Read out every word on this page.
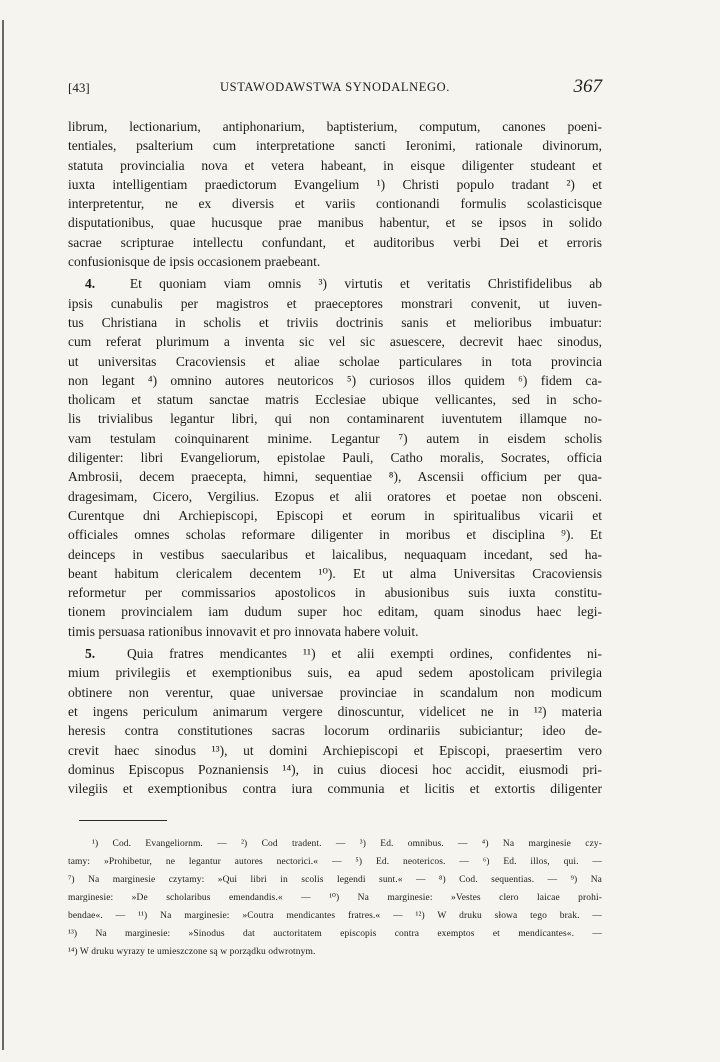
[43]	USTAWODAWSTWA SYNODALNEGO.	367

librum, lectionarium, antiphonarium, baptisterium, computum, canones poeni-
tentiales, psalterium cum interpretatione sancti Ieronimi, rationale divinorum,
statuta provincialia nova et vetera habeant, in eisque diligenter studeant et
iuxta intelligentiam praedictorum Evangelium ¹) Christi populo tradant ²) et
interpretentur, ne ex diversis et variis contionandi formulis scolasticisque
disputationibus, quae hucusque prae manibus habentur, et se ipsos in solido
sacrae scripturae intellectu confundant, et auditoribus verbi Dei et erroris
confusionisque de ipsis occasionem praebeant.

4.	Et quoniam viam omnis ³) virtutis et veritatis Christifidelibus ab
ipsis cunabulis per magistros et praeceptores monstrari convenit, ut iuven-
tus Christiana in scholis et triviis doctrinis sanis et melioribus imbuatur:
cum referat plurimum a inventa sic vel sic asuescere, decrevit haec sinodus,
ut universitas Cracoviensis et aliae scholae particulares in tota provincia
non legant ⁴) omnino autores neutoricos ⁵) curiosos illos quidem ⁶) fidem ca-
tholicam et statum sanctae matris Ecclesiae ubique vellicantes, sed in scho-
lis trivialibus legantur libri, qui non contaminarent iuventutem illamque no-
vam testulam coinquinarent minime. Legantur ⁷) autem in eisdem scholis
diligenter: libri Evangeliorum, epistolae Pauli, Catho moralis, Socrates, officia
Ambrosii, decem praecepta, himni, sequentiae ⁸), Ascensii officium per qua-
dragesimam, Cicero, Vergilius. Ezopus et alii oratores et poetae non obsceni.
Curentque dni Archiepiscopi, Episcopi et eorum in spiritualibus vicarii et
officiales omnes scholas reformare diligenter in moribus et disciplina ⁹). Et
deinceps in vestibus saecularibus et laicalibus, nequaquam incedant, sed ha-
beant habitum clericalem decentem ¹⁰). Et ut alma Universitas Cracoviensis
reformetur per commissarios apostolicos in abusionibus suis iuxta constitu-
tionem provincialem iam dudum super hoc editam, quam sinodus haec legi-
timis persuasa rationibus innovavit et pro innovata habere voluit.

5. Quia fratres mendicantes ¹¹) et alii exempti ordines, confidentes ni-
mium privilegiis et exemptionibus suis, ea apud sedem apostolicam privilegia
obtinere non verentur, quae universae provinciae in scandalum non modicum
et ingens periculum animarum vergere dinoscuntur, videlicet ne in ¹²) materia
heresis contra constitutiones sacras locorum ordinariis subiciantur; ideo de-
crevit haec sinodus ¹³), ut domini Archiepiscopi et Episcopi, praesertim vero
dominus Episcopus Poznaniensis ¹⁴), in cuius diocesi hoc accidit, eiusmodi pri-
vilegiis et exemptionibus contra iura communia et licitis et extortis diligenter

¹) Cod. Evangeliornm. — ²) Cod tradent. — ³) Ed. omnibus. — ⁴) Na marginesie czy-
tamy: »Prohibetur, ne legantur autores nectorici.« — ⁵) Ed. neotericos. — ⁶) Ed. illos, qui. —
⁷) Na marginesie czytamy: »Qui libri in scolis legendi sunt.« — ⁸) Cod. sequentias. — ⁹) Na
marginesie: »De scholaribus emendandis.« — ¹⁰) Na marginesie: »Vestes clero laicae prohi-
bendae«. — ¹¹) Na marginesie: »Coutra mendicantes fratres.« — ¹²) W druku słowa tego brak. —
¹³) Na marginesie: »Sinodus dat auctoritatem episcopis contra exemptos et mendicantes«. —
¹⁴) W druku wyrazy te umieszczone są w porządku odwrotnym.
